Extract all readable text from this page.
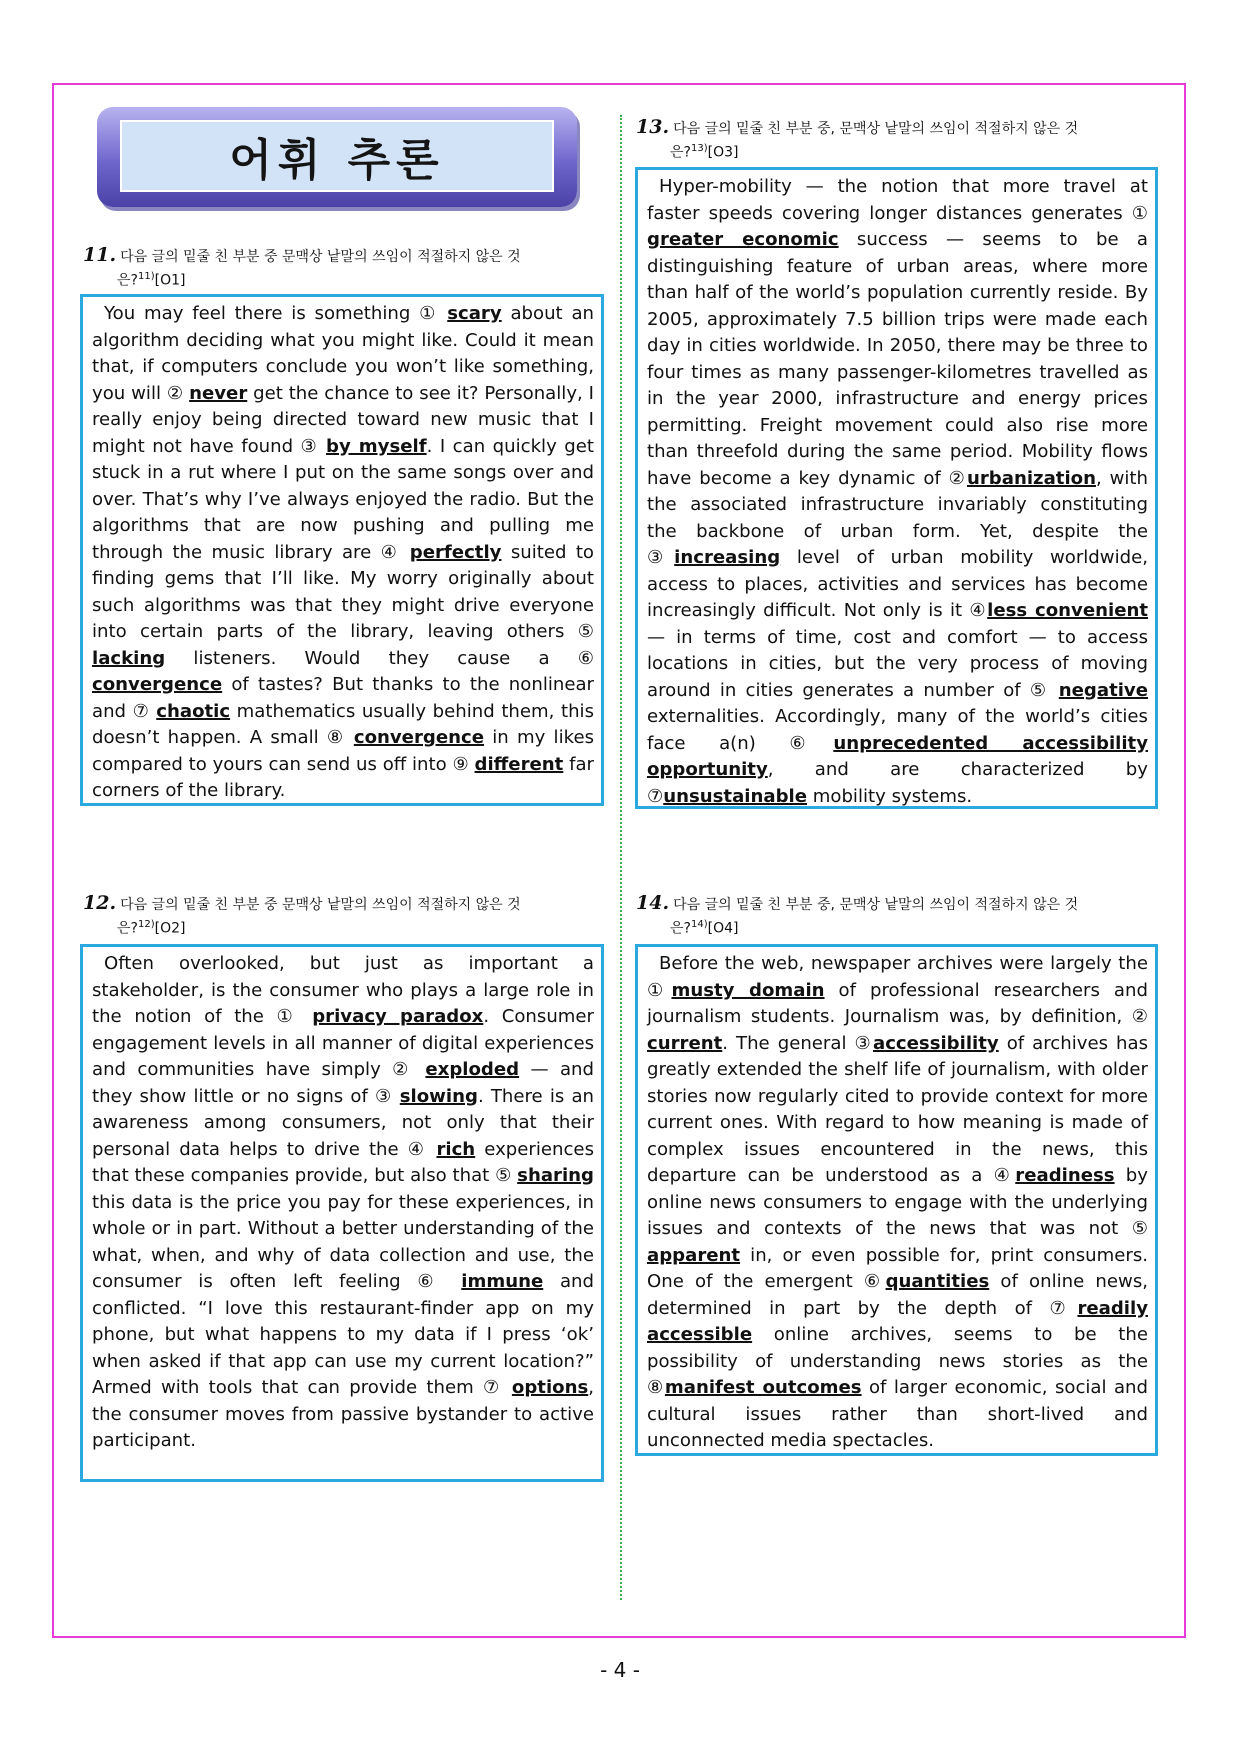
어휘 추론
11. 다음 글의 밑줄 친 부분 중 문맥상 낱말의 쓰임이 적절하지 않은 것
은?$^{11)}$[O1]

You may feel there is something ① scary about an algorithm deciding what you might like. Could it mean that, if computers conclude you won’t like something, you will ② never get the chance to see it? Personally, I really enjoy being directed toward new music that I might not have found ③ by myself. I can quickly get stuck in a rut where I put on the same songs over and over. That’s why I’ve always enjoyed the radio. But the algorithms that are now pushing and pulling me through the music library are ④ perfectly suited to finding gems that I’ll like. My worry originally about such algorithms was that they might drive everyone into certain parts of the library, leaving others ⑤ lacking listeners. Would they cause a ⑥ convergence of tastes? But thanks to the nonlinear and ⑦ chaotic mathematics usually behind them, this doesn’t happen. A small ⑧ convergence in my likes compared to yours can send us off into ⑨ different far corners of the library.

12. 다음 글의 밑줄 친 부분 중 문맥상 낱말의 쓰임이 적절하지 않은 것
은?$^{12)}$[O2]

Often overlooked, but just as important a stakeholder, is the consumer who plays a large role in the notion of the ① privacy paradox. Consumer engagement levels in all manner of digital experiences and communities have simply ② exploded — and they show little or no signs of ③ slowing. There is an awareness among consumers, not only that their personal data helps to drive the ④ rich experiences that these companies provide, but also that ⑤ sharing this data is the price you pay for these experiences, in whole or in part. Without a better understanding of the what, when, and why of data collection and use, the consumer is often left feeling ⑥ immune and conflicted. “I love this restaurant-finder app on my phone, but what happens to my data if I press ‘ok’ when asked if that app can use my current location?” Armed with tools that can provide them ⑦ options, the consumer moves from passive bystander to active participant.

13. 다음 글의 밑줄 친 부분 중, 문맥상 낱말의 쓰임이 적절하지 않은 것
은?$^{13)}$[O3]

Hyper-mobility — the notion that more travel at faster speeds covering longer distances generates ① greater economic success — seems to be a distinguishing feature of urban areas, where more than half of the world’s population currently reside. By 2005, approximately 7.5 billion trips were made each day in cities worldwide. In 2050, there may be three to four times as many passenger-kilometres travelled as in the year 2000, infrastructure and energy prices permitting. Freight movement could also rise more than threefold during the same period. Mobility flows have become a key dynamic of ②urbanization, with the associated infrastructure invariably constituting the backbone of urban form. Yet, despite the ③increasing level of urban mobility worldwide, access to places, activities and services has become increasingly difficult. Not only is it ④less convenient — in terms of time, cost and comfort — to access locations in cities, but the very process of moving around in cities generates a number of ⑤ negative externalities. Accordingly, many of the world’s cities face a(n) ⑥unprecedented accessibility opportunity, and are characterized by ⑦unsustainable mobility systems.

14. 다음 글의 밑줄 친 부분 중, 문맥상 낱말의 쓰임이 적절하지 않은 것
은?$^{14)}$[O4]

Before the web, newspaper archives were largely the ①musty domain of professional researchers and journalism students. Journalism was, by definition, ② current. The general ③accessibility of archives has greatly extended the shelf life of journalism, with older stories now regularly cited to provide context for more current ones. With regard to how meaning is made of complex issues encountered in the news, this departure can be understood as a ④readiness by online news consumers to engage with the underlying issues and contexts of the news that was not ⑤ apparent in, or even possible for, print consumers. One of the emergent ⑥quantities of online news, determined in part by the depth of ⑦readily accessible online archives, seems to be the possibility of understanding news stories as the ⑧manifest outcomes of larger economic, social and cultural issues rather than short-lived and unconnected media spectacles.

- 4 -
